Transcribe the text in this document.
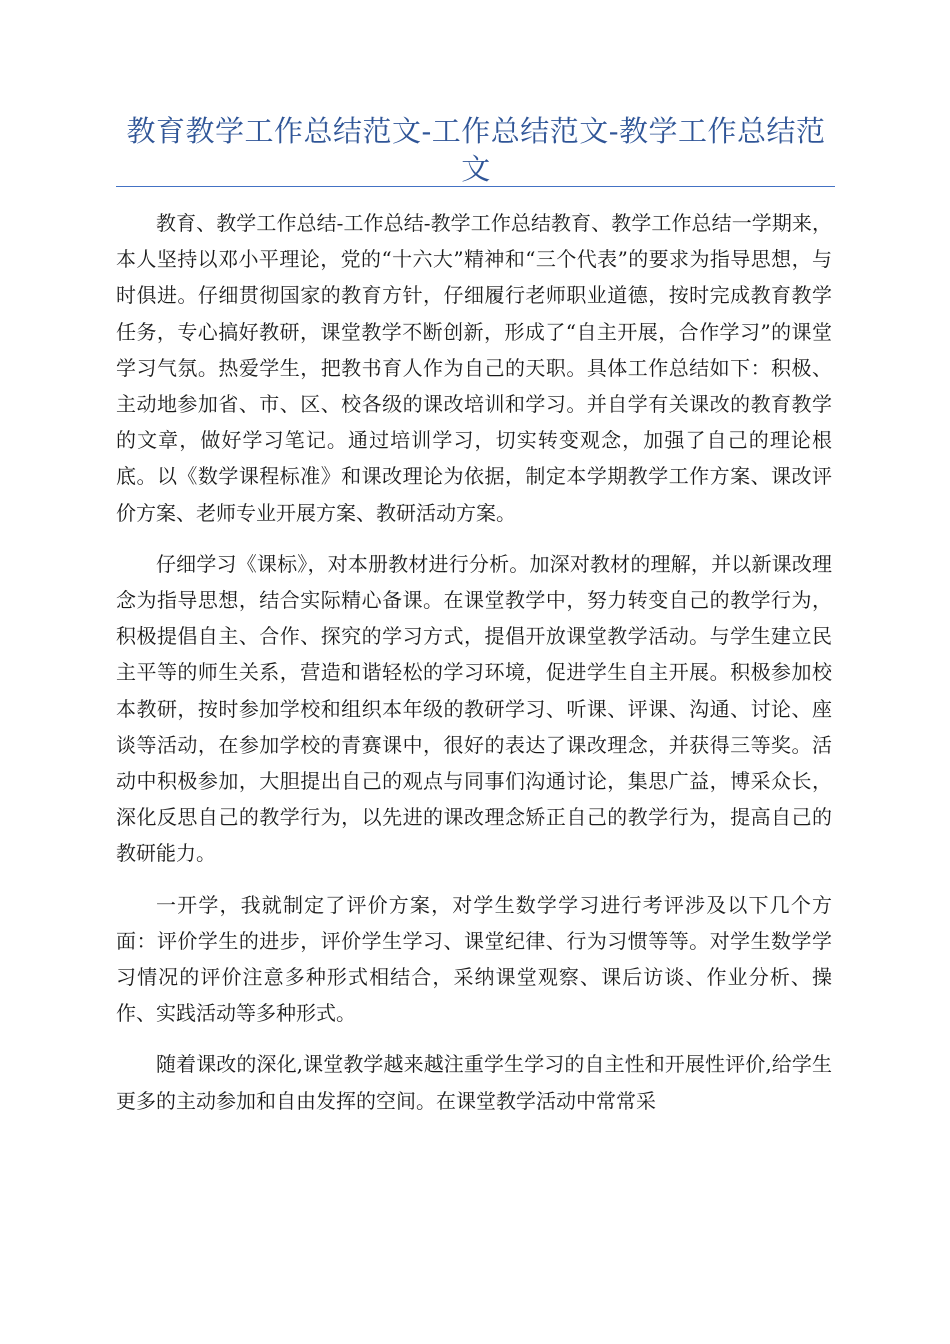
教育教学工作总结范文-工作总结范文-教学工作总结范文

教育、教学工作总结-工作总结-教学工作总结教育、教学工作总结一学期来，本人坚持以邓小平理论，党的“十六大”精神和“三个代表”的要求为指导思想，与时俱进。仔细贯彻国家的教育方针，仔细履行老师职业道德，按时完成教育教学任务，专心搞好教研，课堂教学不断创新，形成了“自主开展，合作学习”的课堂学习气氛。热爱学生，把教书育人作为自己的天职。具体工作总结如下：积极、主动地参加省、市、区、校各级的课改培训和学习。并自学有关课改的教育教学的文章，做好学习笔记。通过培训学习，切实转变观念，加强了自己的理论根底。以《数学课程标准》和课改理论为依据，制定本学期教学工作方案、课改评价方案、老师专业开展方案、教研活动方案。

仔细学习《课标》，对本册教材进行分析。加深对教材的理解，并以新课改理念为指导思想，结合实际精心备课。在课堂教学中，努力转变自己的教学行为，积极提倡自主、合作、探究的学习方式，提倡开放课堂教学活动。与学生建立民主平等的师生关系，营造和谐轻松的学习环境，促进学生自主开展。积极参加校本教研，按时参加学校和组织本年级的教研学习、听课、评课、沟通、讨论、座谈等活动，在参加学校的青赛课中，很好的表达了课改理念，并获得三等奖。活动中积极参加，大胆提出自己的观点与同事们沟通讨论，集思广益，博采众长，深化反思自己的教学行为，以先进的课改理念矫正自己的教学行为，提高自己的教研能力。

一开学，我就制定了评价方案，对学生数学学习进行考评涉及以下几个方面：评价学生的进步，评价学生学习、课堂纪律、行为习惯等等。对学生数学学习情况的评价注意多种形式相结合，采纳课堂观察、课后访谈、作业分析、操作、实践活动等多种形式。

随着课改的深化,课堂教学越来越注重学生学习的自主性和开展性评价,给学生更多的主动参加和自由发挥的空间。在课堂教学活动中常常采
